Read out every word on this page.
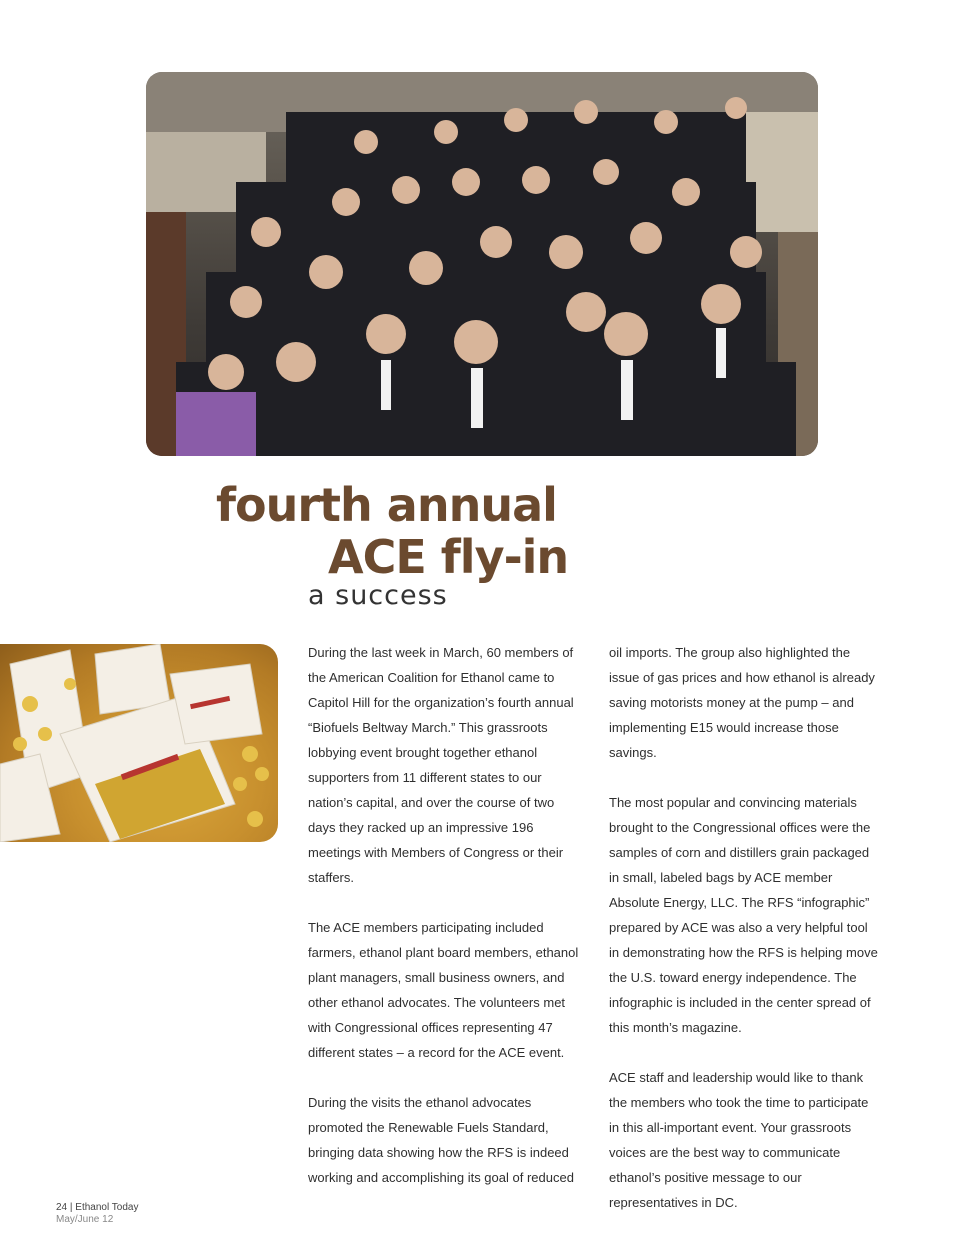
fourth annual
ACE fly-in
a success

During the last week in March, 60 members of the American Coalition for Ethanol came to Capitol Hill for the organization’s fourth annual “Biofuels Beltway March.” This grassroots lobbying event brought together ethanol supporters from 11 different states to our nation’s capital, and over the course of two days they racked up an impressive 196 meetings with Members of Congress or their staffers.

The ACE members participating included farmers, ethanol plant board members, ethanol plant managers, small business owners, and other ethanol advocates. The volunteers met with Congressional offices representing 47 different states – a record for the ACE event.

During the visits the ethanol advocates promoted the Renewable Fuels Standard, bringing data showing how the RFS is indeed working and accomplishing its goal of reduced

oil imports. The group also highlighted the issue of gas prices and how ethanol is already saving motorists money at the pump – and implementing E15 would increase those savings.

The most popular and convincing materials brought to the Congressional offices were the samples of corn and distillers grain packaged in small, labeled bags by ACE member Absolute Energy, LLC. The RFS “infographic” prepared by ACE was also a very helpful tool in demonstrating how the RFS is helping move the U.S. toward energy independence. The infographic is included in the center spread of this month’s magazine.

ACE staff and leadership would like to thank the members who took the time to participate in this all-important event. Your grassroots voices are the best way to communicate ethanol’s positive message to our representatives in DC.

24 | Ethanol Today
May/June 12
